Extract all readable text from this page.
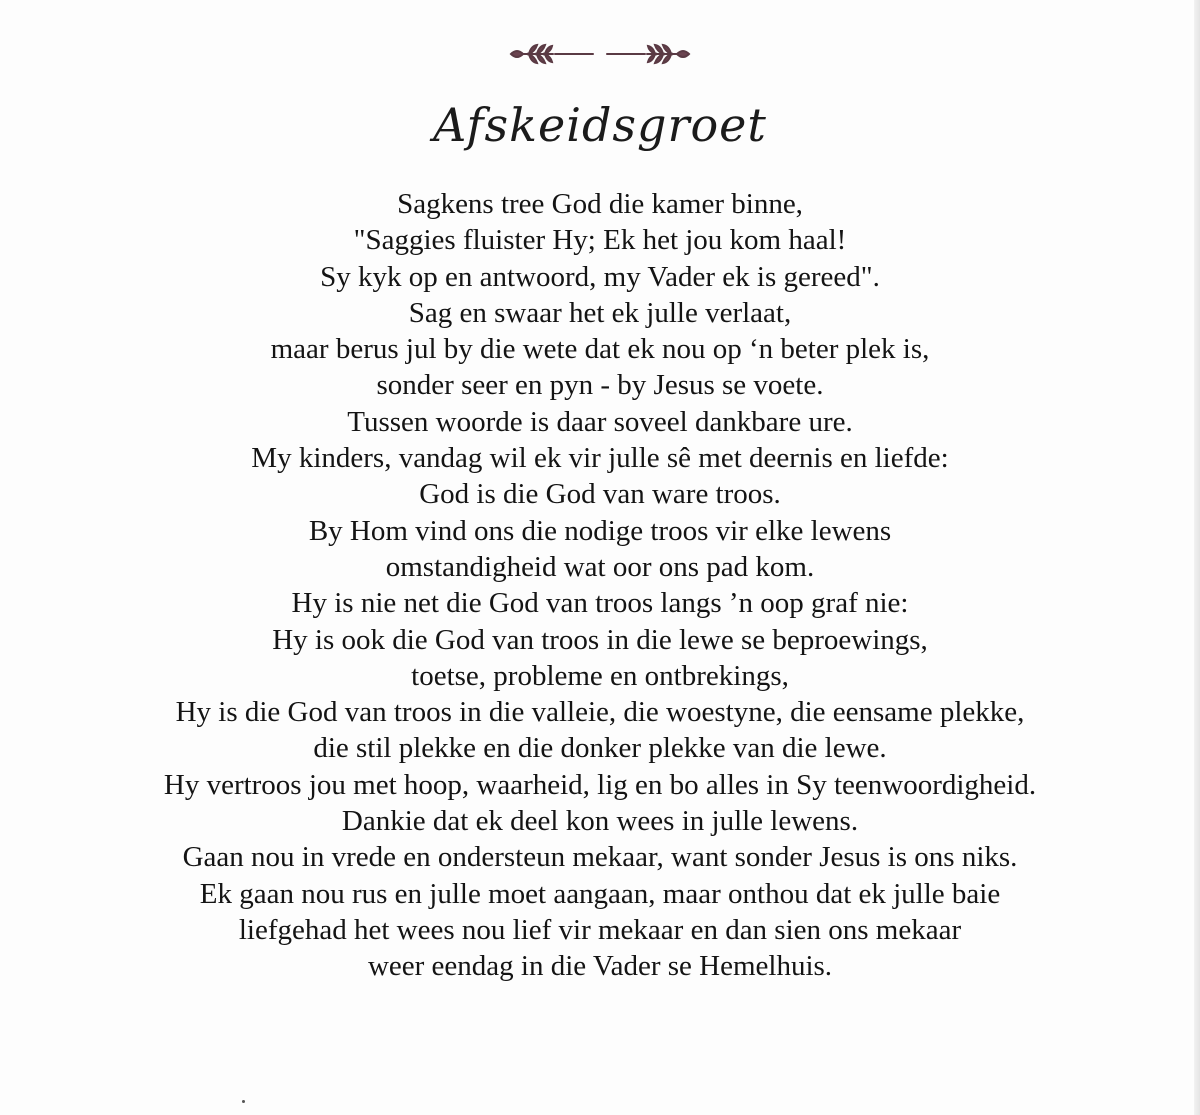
Afskeidsgroet
Sagkens tree God die kamer binne,
"Saggies fluister Hy; Ek het jou kom haal!
Sy kyk op en antwoord, my Vader ek is gereed".
Sag en swaar het ek julle verlaat,
maar berus jul by die wete dat ek nou op ‘n beter plek is,
sonder seer en pyn - by Jesus se voete.
Tussen woorde is daar soveel dankbare ure.
My kinders, vandag wil ek vir julle sê met deernis en liefde:
God is die God van ware troos.
By Hom vind ons die nodige troos vir elke lewens
omstandigheid wat oor ons pad kom.
Hy is nie net die God van troos langs ’n oop graf nie:
Hy is ook die God van troos in die lewe se beproewings,
toetse, probleme en ontbrekings,
Hy is die God van troos in die valleie, die woestyne, die eensame plekke,
die stil plekke en die donker plekke van die lewe.
Hy vertroos jou met hoop, waarheid, lig en bo alles in Sy teenwoordigheid.
Dankie dat ek deel kon wees in julle lewens.
Gaan nou in vrede en ondersteun mekaar, want sonder Jesus is ons niks.
Ek gaan nou rus en julle moet aangaan, maar onthou dat ek julle baie
liefgehad het wees nou lief vir mekaar en dan sien ons mekaar
weer eendag in die Vader se Hemelhuis.
